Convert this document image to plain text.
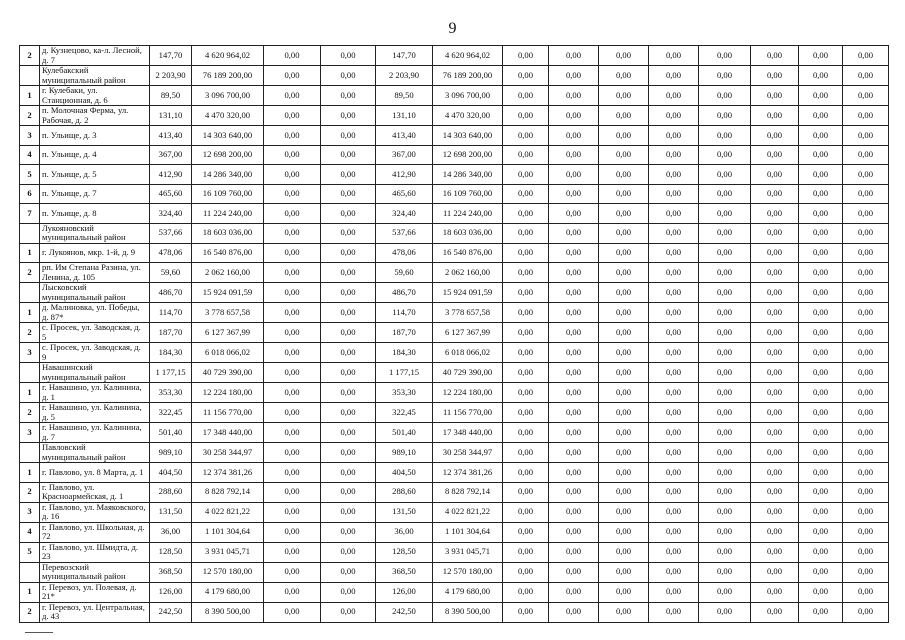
9
2	д. Кузнецово, ка-л. Лесной, д. 7	147,70	4 620 964,02	0,00	0,00	147,70	4 620 964,02	0,00	0,00	0,00	0,00	0,00	0,00	0,00	0,00
	Кулебакский муниципальный район	2 203,90	76 189 200,00	0,00	0,00	2 203,90	76 189 200,00	0,00	0,00	0,00	0,00	0,00	0,00	0,00	0,00
1	г. Кулебаки, ул. Станционная, д. 6	89,50	3 096 700,00	0,00	0,00	89,50	3 096 700,00	0,00	0,00	0,00	0,00	0,00	0,00	0,00	0,00
2	п. Молочная Ферма, ул. Рабочая, д. 2	131,10	4 470 320,00	0,00	0,00	131,10	4 470 320,00	0,00	0,00	0,00	0,00	0,00	0,00	0,00	0,00
3	п. Ульище, д. 3	413,40	14 303 640,00	0,00	0,00	413,40	14 303 640,00	0,00	0,00	0,00	0,00	0,00	0,00	0,00	0,00
4	п. Ульище, д. 4	367,00	12 698 200,00	0,00	0,00	367,00	12 698 200,00	0,00	0,00	0,00	0,00	0,00	0,00	0,00	0,00
5	п. Ульище, д. 5	412,90	14 286 340,00	0,00	0,00	412,90	14 286 340,00	0,00	0,00	0,00	0,00	0,00	0,00	0,00	0,00
6	п. Ульище, д. 7	465,60	16 109 760,00	0,00	0,00	465,60	16 109 760,00	0,00	0,00	0,00	0,00	0,00	0,00	0,00	0,00
7	п. Ульище, д. 8	324,40	11 224 240,00	0,00	0,00	324,40	11 224 240,00	0,00	0,00	0,00	0,00	0,00	0,00	0,00	0,00
	Лукояновский муниципальный район	537,66	18 603 036,00	0,00	0,00	537,66	18 603 036,00	0,00	0,00	0,00	0,00	0,00	0,00	0,00	0,00
1	г. Лукоянов, мкр. 1-й, д. 9	478,06	16 540 876,00	0,00	0,00	478,06	16 540 876,00	0,00	0,00	0,00	0,00	0,00	0,00	0,00	0,00
2	рп. Им Степана Разина, ул. Ленина, д. 105	59,60	2 062 160,00	0,00	0,00	59,60	2 062 160,00	0,00	0,00	0,00	0,00	0,00	0,00	0,00	0,00
	Лысковский муниципальный район	486,70	15 924 091,59	0,00	0,00	486,70	15 924 091,59	0,00	0,00	0,00	0,00	0,00	0,00	0,00	0,00
1	д. Малиновка, ул. Победы, д. 87*	114,70	3 778 657,58	0,00	0,00	114,70	3 778 657,58	0,00	0,00	0,00	0,00	0,00	0,00	0,00	0,00
2	с. Просек, ул. Заводская, д. 5	187,70	6 127 367,99	0,00	0,00	187,70	6 127 367,99	0,00	0,00	0,00	0,00	0,00	0,00	0,00	0,00
3	с. Просек, ул. Заводская, д. 9	184,30	6 018 066,02	0,00	0,00	184,30	6 018 066,02	0,00	0,00	0,00	0,00	0,00	0,00	0,00	0,00
	Навашинский муниципальный район	1 177,15	40 729 390,00	0,00	0,00	1 177,15	40 729 390,00	0,00	0,00	0,00	0,00	0,00	0,00	0,00	0,00
1	г. Навашино, ул. Калинина, д. 1	353,30	12 224 180,00	0,00	0,00	353,30	12 224 180,00	0,00	0,00	0,00	0,00	0,00	0,00	0,00	0,00
2	г. Навашино, ул. Калинина, д. 5	322,45	11 156 770,00	0,00	0,00	322,45	11 156 770,00	0,00	0,00	0,00	0,00	0,00	0,00	0,00	0,00
3	г. Навашино, ул. Калинина, д. 7	501,40	17 348 440,00	0,00	0,00	501,40	17 348 440,00	0,00	0,00	0,00	0,00	0,00	0,00	0,00	0,00
	Павловский муниципальный район	989,10	30 258 344,97	0,00	0,00	989,10	30 258 344,97	0,00	0,00	0,00	0,00	0,00	0,00	0,00	0,00
1	г. Павлово, ул. 8 Марта, д. 1	404,50	12 374 381,26	0,00	0,00	404,50	12 374 381,26	0,00	0,00	0,00	0,00	0,00	0,00	0,00	0,00
2	г. Павлово, ул. Красноармейская, д. 1	288,60	8 828 792,14	0,00	0,00	288,60	8 828 792,14	0,00	0,00	0,00	0,00	0,00	0,00	0,00	0,00
3	г. Павлово, ул. Маяковского, д. 16	131,50	4 022 821,22	0,00	0,00	131,50	4 022 821,22	0,00	0,00	0,00	0,00	0,00	0,00	0,00	0,00
4	г. Павлово, ул. Школьная, д. 72	36,00	1 101 304,64	0,00	0,00	36,00	1 101 304,64	0,00	0,00	0,00	0,00	0,00	0,00	0,00	0,00
5	г. Павлово, ул. Шмидта, д. 23	128,50	3 931 045,71	0,00	0,00	128,50	3 931 045,71	0,00	0,00	0,00	0,00	0,00	0,00	0,00	0,00
	Перевозский муниципальный район	368,50	12 570 180,00	0,00	0,00	368,50	12 570 180,00	0,00	0,00	0,00	0,00	0,00	0,00	0,00	0,00
1	г. Перевоз, ул. Полевая, д. 21*	126,00	4 179 680,00	0,00	0,00	126,00	4 179 680,00	0,00	0,00	0,00	0,00	0,00	0,00	0,00	0,00
2	г. Перевоз, ул. Центральная, д. 43	242,50	8 390 500,00	0,00	0,00	242,50	8 390 500,00	0,00	0,00	0,00	0,00	0,00	0,00	0,00	0,00
